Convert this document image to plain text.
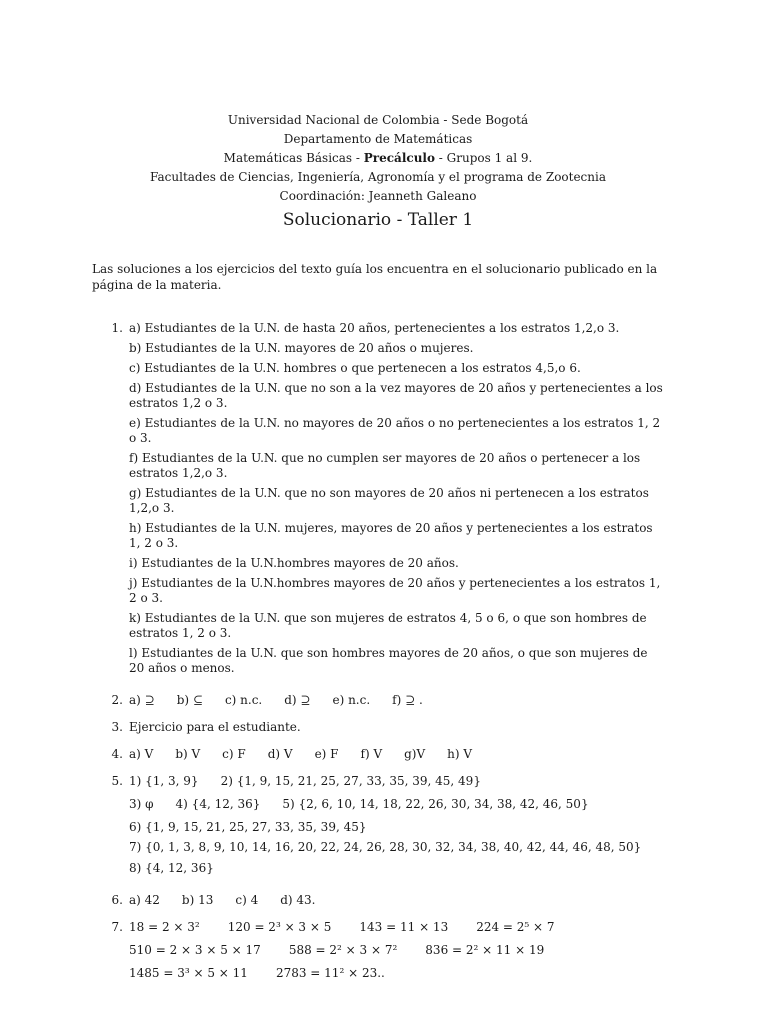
Universidad Nacional de Colombia - Sede Bogotá
Departamento de Matemáticas
Matemáticas Básicas - Precálculo - Grupos 1 al 9.
Facultades de Ciencias, Ingeniería, Agronomía y el programa de Zootecnia
Coordinación: Jeanneth Galeano
Solucionario - Taller 1
Las soluciones a los ejercicios del texto guía los encuentra en el solucionario publicado en la página de la materia.
1. a) Estudiantes de la U.N. de hasta 20 años, pertenecientes a los estratos 1,2,o 3.
b) Estudiantes de la U.N. mayores de 20 años o mujeres.
c) Estudiantes de la U.N. hombres o que pertenecen a los estratos 4,5,o 6.
d) Estudiantes de la U.N. que no son a la vez mayores de 20 años y pertenecientes a los estratos 1,2 o 3.
e) Estudiantes de la U.N. no mayores de 20 años o no pertenecientes a los estratos 1, 2 o 3.
f) Estudiantes de la U.N. que no cumplen ser mayores de 20 años o pertenecer a los estratos 1,2,o 3.
g) Estudiantes de la U.N. que no son mayores de 20 años ni pertenecen a los estratos 1,2,o 3.
h) Estudiantes de la U.N. mujeres, mayores de 20 años y pertenecientes a los estratos 1, 2 o 3.
i) Estudiantes de la U.N.hombres mayores de 20 años.
j) Estudiantes de la U.N.hombres mayores de 20 años y pertenecientes a los estratos 1, 2 o 3.
k) Estudiantes de la U.N. que son mujeres de estratos 4, 5 o 6, o que son hombres de estratos 1, 2 o 3.
l) Estudiantes de la U.N. que son hombres mayores de 20 años, o que son mujeres de 20 años o menos.
2. a) ⊇ b) ⊆ c) n.c. d) ⊇ e) n.c. f) ⊇ .
3. Ejercicio para el estudiante.
4. a) V b) V c) F d) V e) F f) V g)V h) V
5. 1) {1, 3, 9} 2) {1, 9, 15, 21, 25, 27, 33, 35, 39, 45, 49}
3) φ 4) {4, 12, 36} 5) {2, 6, 10, 14, 18, 22, 26, 30, 34, 38, 42, 46, 50}
6) {1, 9, 15, 21, 25, 27, 33, 35, 39, 45}
7) {0, 1, 3, 8, 9, 10, 14, 16, 20, 22, 24, 26, 28, 30, 32, 34, 38, 40, 42, 44, 46, 48, 50}
8) {4, 12, 36}
6. a) 42 b) 13 c) 4 d) 43.
7. 18 = 2 × 3² 120 = 2³ × 3 × 5 143 = 11 × 13 224 = 2⁵ × 7
510 = 2 × 3 × 5 × 17 588 = 2² × 3 × 7² 836 = 2² × 11 × 19
1485 = 3³ × 5 × 11 2783 = 11² × 23..
